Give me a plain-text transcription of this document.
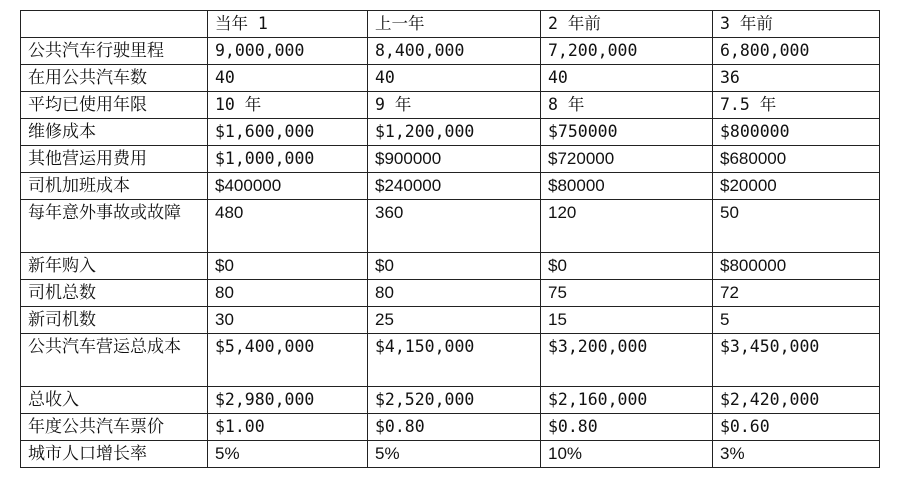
	当年 1	上一年	2 年前	3 年前
公共汽车行驶里程	9,000,000	8,400,000	7,200,000	6,800,000
在用公共汽车数	40	40	40	36
平均已使用年限	10 年	9 年	8 年	7.5 年
维修成本	$1,600,000	$1,200,000	$750000	$800000
其他营运用费用	$1,000,000	$900000	$720000	$680000
司机加班成本	$400000	$240000	$80000	$20000
每年意外事故或故障	480	360	120	50
新年购入	$0	$0	$0	$800000
司机总数	80	80	75	72
新司机数	30	25	15	5
公共汽车营运总成本	$5,400,000	$4,150,000	$3,200,000	$3,450,000
总收入	$2,980,000	$2,520,000	$2,160,000	$2,420,000
年度公共汽车票价	$1.00	$0.80	$0.80	$0.60
城市人口增长率	5%	5%	10%	3%
